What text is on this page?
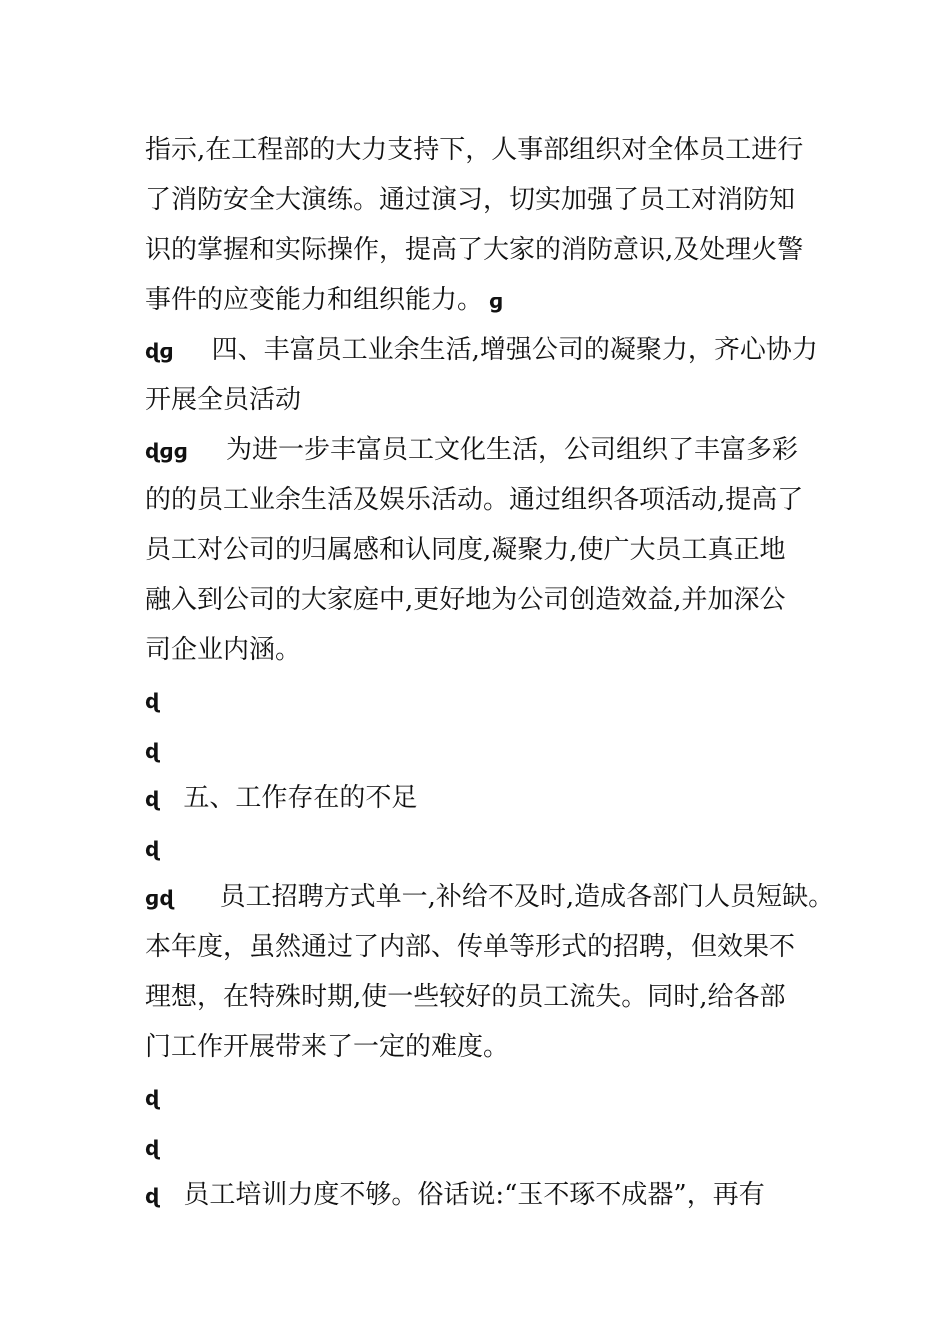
指示,在工程部的大力支持下，人事部组织对全体员工进行
了消防安全大演练。通过演习，切实加强了员工对消防知
识的掌握和实际操作，提高了大家的消防意识,及处理火警
事件的应变能力和组织能力。 ɡ
ɖɡ 四、丰富员工业余生活,增强公司的凝聚力，齐心协力
开展全员活动
ɖɡɡ 为进一步丰富员工文化生活，公司组织了丰富多彩
的的员工业余生活及娱乐活动。通过组织各项活动,提高了
员工对公司的归属感和认同度,凝聚力,使广大员工真正地
融入到公司的大家庭中,更好地为公司创造效益,并加深公
司企业内涵。
ɖ
ɖ
ɖ 五、工作存在的不足
ɖ
ɡɖ 员工招聘方式单一,补给不及时,造成各部门人员短缺。
本年度，虽然通过了内部、传单等形式的招聘，但效果不
理想，在特殊时期,使一些较好的员工流失。同时,给各部
门工作开展带来了一定的难度。
ɖ
ɖ
ɖ 员工培训力度不够。俗话说:“玉不琢不成器”，再有
